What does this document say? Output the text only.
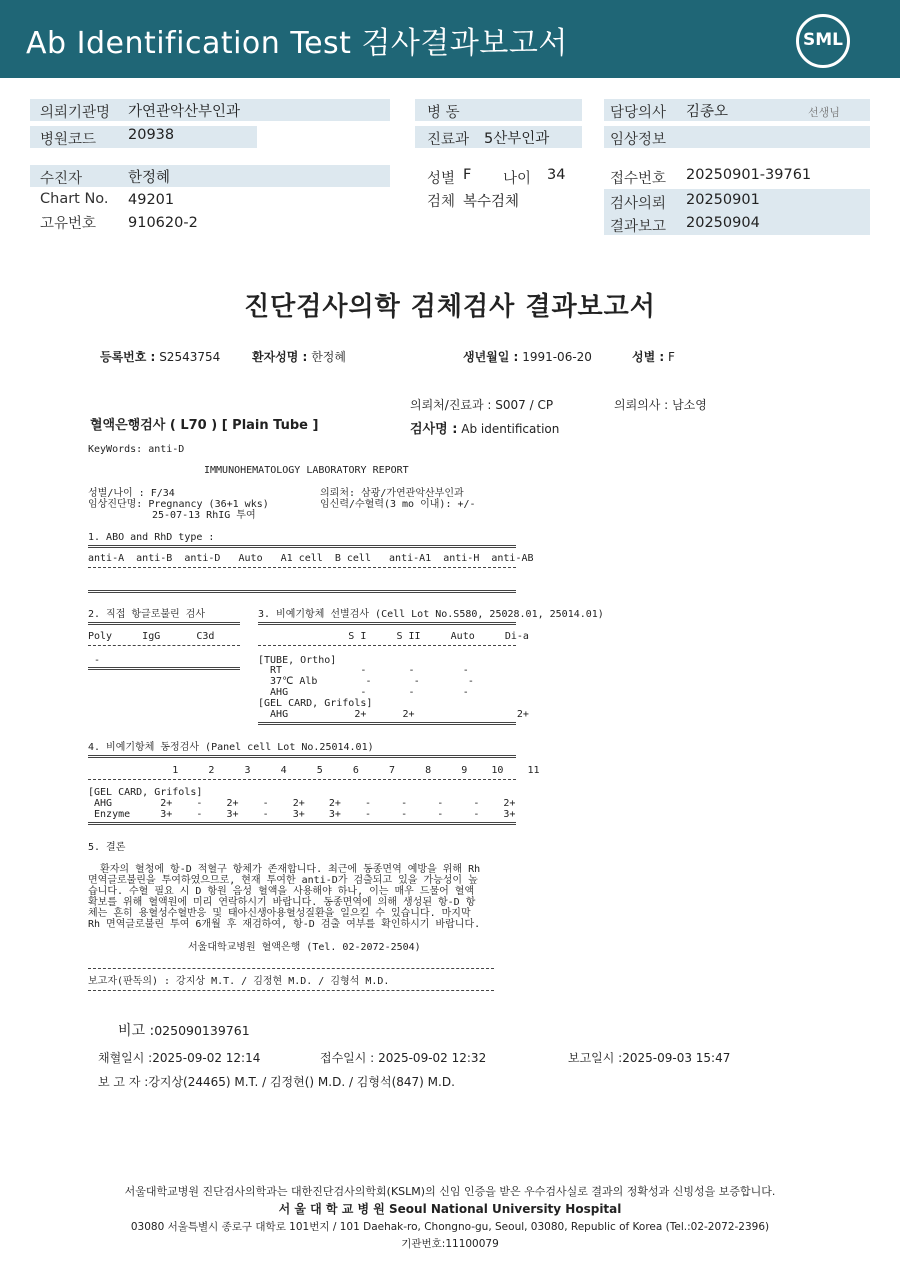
Ab Identification Test 검사결과보고서	SML
의뢰기관명 가연관악산부인과
병원코드 20938
병 동
진료과 5산부인과
담당의사 김종오	선생님
임상정보
수진자	한정혜
Chart No. 49201
고유번호 910620-2
성별 F 나이 34
검체 복수검체
접수번호 20250901-39761
검사의뢰 20250901
결과보고 20250904
진단검사의학 검체검사 결과보고서
등록번호 : S2543754	환자성명 : 한정혜	생년월일 : 1991-06-20	성별 : F
의뢰처/진료과 : S007 / CP	의뢰의사 : 남소영
혈액은행검사 ( L70 ) [ Plain Tube ]	검사명 : Ab identification
KeyWords: anti-D
IMMUNOHEMATOLOGY LABORATORY REPORT
성별/나이 : F/34	의뢰처: 삼광/가연관악산부인과
임상진단명: Pregnancy (36+1 wks)	임신력/수혈력(3 mo 이내): +/-
25-07-13 RhIG 투여
1. ABO and RhD type :
anti-A  anti-B  anti-D   Auto   A1 cell  B cell   anti-A1  anti-H  anti-AB
2. 직접 항글로불린 검사
Poly     IgG      C3d
-
3. 비예기항체 선별검사 (Cell Lot No.S580, 25028.01, 25014.01)
S I     S II     Auto     Di-a
[TUBE, Ortho]
RT             -       -        -
37℃ Alb        -       -        -
AHG            -       -        -
[GEL CARD, Grifols]
AHG           2+      2+                 2+
4. 비예기항체 동정검사 (Panel cell Lot No.25014.01)
1     2     3     4     5     6     7     8     9    10    11
[GEL CARD, Grifols]
AHG        2+    -    2+    -    2+    2+    -     -     -     -    2+
Enzyme     3+    -    3+    -    3+    3+    -     -     -     -    3+
5. 결론
환자의 혈청에 항-D 적혈구 항체가 존재합니다. 최근에 동종면역 예방을 위해 Rh
면역글로불린을 투여하였으므로, 현재 투여한 anti-D가 검출되고 있을 가능성이 높
습니다. 수혈 필요 시 D 항원 음성 혈액을 사용해야 하나, 이는 매우 드물어 혈액
확보를 위해 혈액원에 미리 연락하시기 바랍니다. 동종면역에 의해 생성된 항-D 항
체는 흔히 용혈성수혈반응 및 태아신생아용혈성질환을 일으킬 수 있습니다. 마지막
Rh 면역글로불린 투여 6개월 후 재검하여, 항-D 검출 여부를 확인하시기 바랍니다.
서울대학교병원 혈액은행 (Tel. 02-2072-2504)
보고자(판독의) : 강지상 M.T. / 김정현 M.D. / 김형석 M.D.
비고 :025090139761
채혈일시 :2025-09-02 12:14	접수일시 : 2025-09-02 12:32	보고일시 :2025-09-03 15:47
보 고 자 :강지상(24465) M.T. / 김정현() M.D. / 김형석(847) M.D.
서울대학교병원 진단검사의학과는 대한진단검사의학회(KSLM)의 신임 인증을 받은 우수검사실로 결과의 정확성과 신빙성을 보증합니다.
서 울 대 학 교 병 원 Seoul National University Hospital
03080 서울특별시 종로구 대학로 101번지 / 101 Daehak-ro, Chongno-gu, Seoul, 03080, Republic of Korea (Tel.:02-2072-2396)
기관번호:11100079
